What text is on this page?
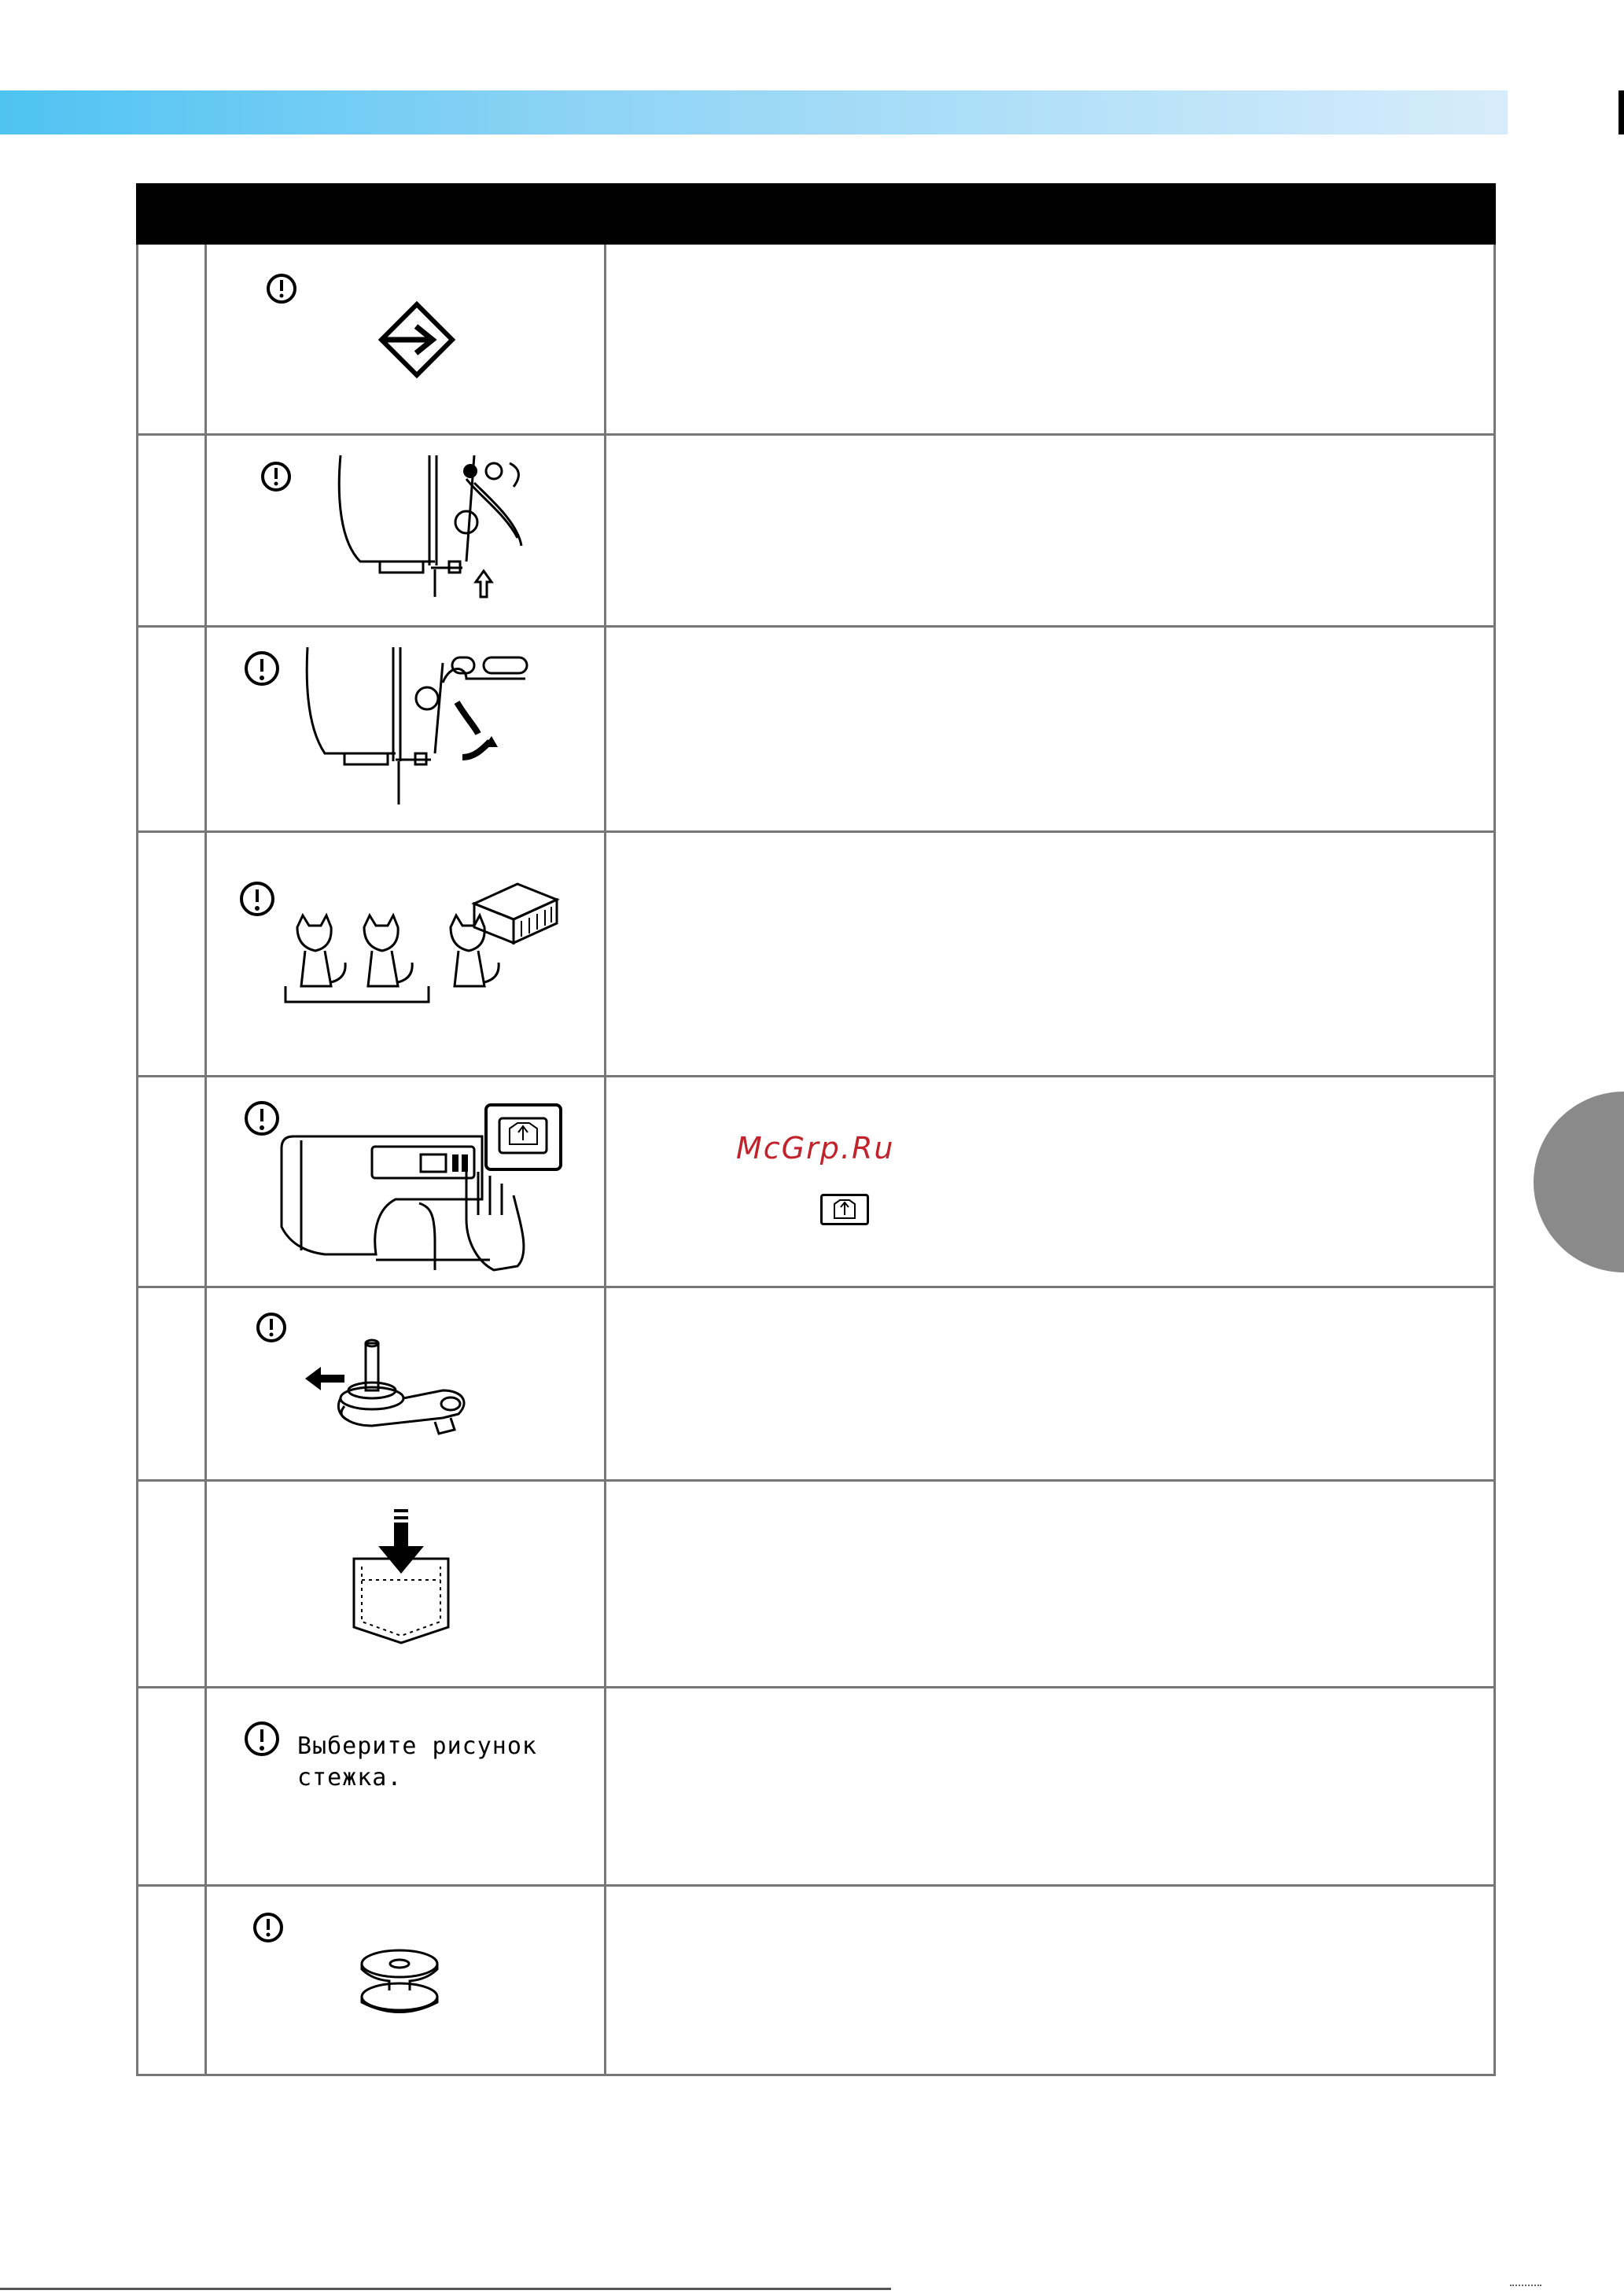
McGrp.Ru

	Выберите рисунок
стежка.	
